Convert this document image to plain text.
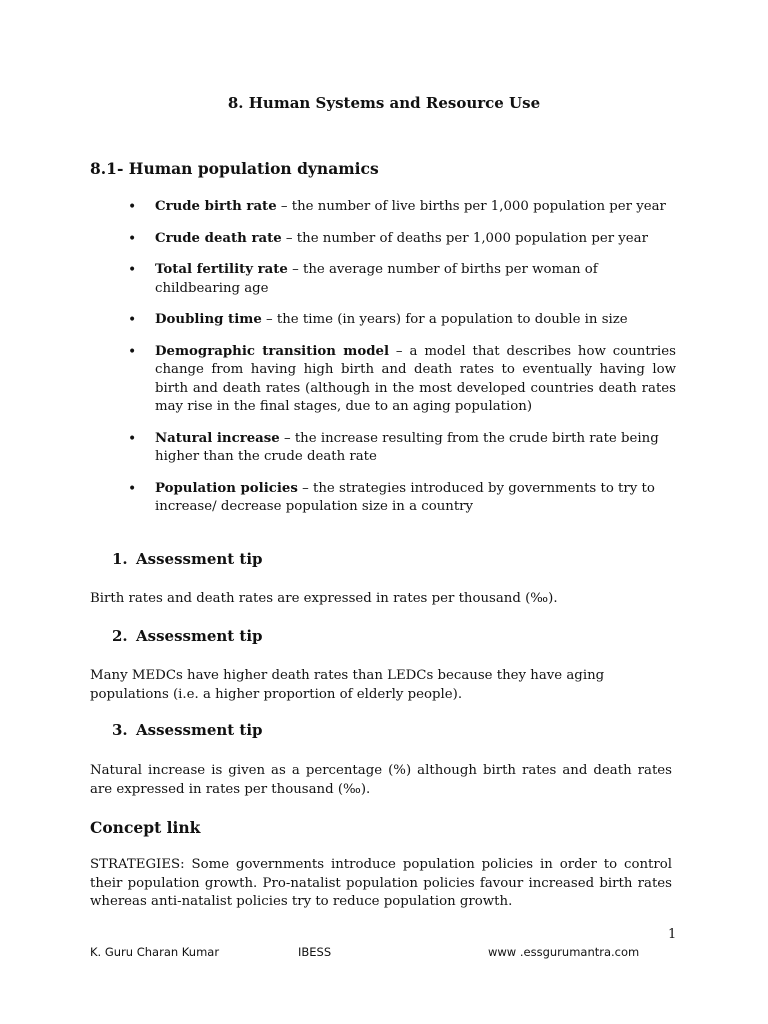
8. Human Systems and Resource Use
8.1- Human population dynamics
• Crude birth rate – the number of live births per 1,000 population per year
• Crude death rate – the number of deaths per 1,000 population per year
• Total fertility rate – the average number of births per woman of childbearing age
• Doubling time – the time (in years) for a population to double in size
• Demographic transition model – a model that describes how countries change from having high birth and death rates to eventually having low birth and death rates (although in the most developed countries death rates may rise in the final stages, due to an aging population)
• Natural increase – the increase resulting from the crude birth rate being higher than the crude death rate
• Population policies – the strategies introduced by governments to try to increase/ decrease population size in a country
1. Assessment tip

Birth rates and death rates are expressed in rates per thousand (‰).

2. Assessment tip

Many MEDCs have higher death rates than LEDCs because they have aging populations (i.e. a higher proportion of elderly people).

3. Assessment tip

Natural increase is given as a percentage (%) although birth rates and death rates are expressed in rates per thousand (‰).

Concept link

STRATEGIES: Some governments introduce population policies in order to control their population growth. Pro-natalist population policies favour increased birth rates whereas anti-natalist policies try to reduce population growth.

1
K. Guru Charan Kumar	IBESS	www .essgurumantra.com
